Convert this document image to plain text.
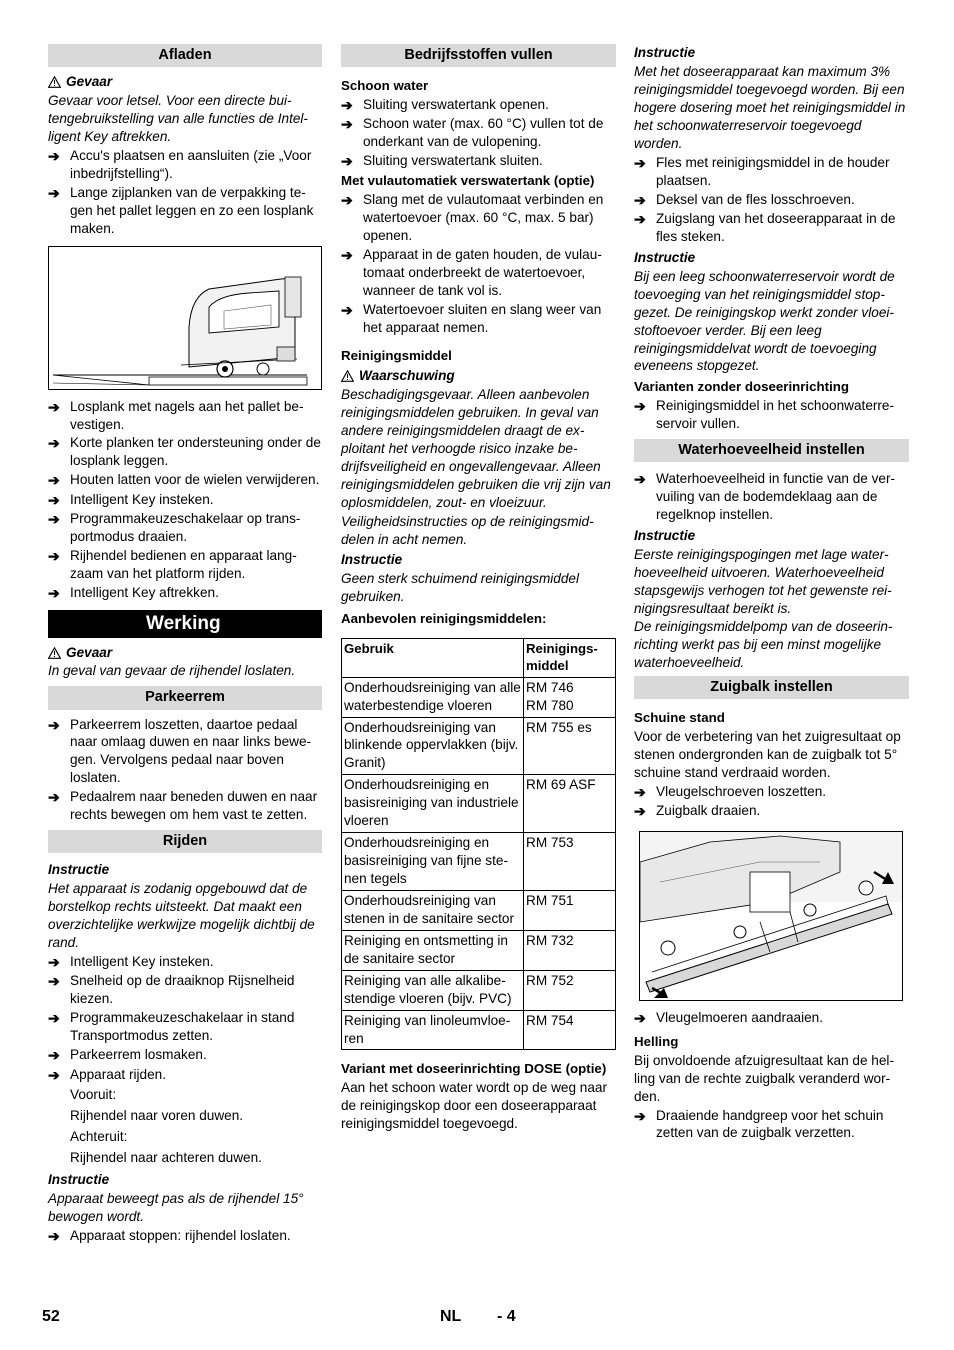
Afladen
Gevaar

Gevaar voor letsel. Voor een directe buitengebruikstelling van alle functies de Intelligent Key aftrekken.

➔ Accu's plaatsen en aansluiten (zie „Voor inbedrijfstelling“).
➔ Lange zijplanken van de verpakking tegen het pallet leggen en zo een losplank maken.
➔ Losplank met nagels aan het pallet bevestigen.
➔ Korte planken ter ondersteuning onder de losplank leggen.
➔ Houten latten voor de wielen verwijderen.
➔ Intelligent Key insteken.
➔ Programmakeuzeschakelaar op transportmodus draaien.
➔ Rijhendel bedienen en apparaat langzaam van het platform rijden.
➔ Intelligent Key aftrekken.
Werking
Gevaar

In geval van gevaar de rijhendel loslaten.

Parkeerrem
➔ Parkeerrem loszetten, daartoe pedaal naar omlaag duwen en naar links bewegen. Vervolgens pedaal naar boven loslaten.
➔ Pedaalrem naar beneden duwen en naar rechts bewegen om hem vast te zetten.
Rijden
Instructie

Het apparaat is zodanig opgebouwd dat de borstelkop rechts uitsteekt. Dat maakt een overzichtelijke werkwijze mogelijk dichtbij de rand.

➔ Intelligent Key insteken.
➔ Snelheid op de draaiknop Rijsnelheid kiezen.
➔ Programmakeuzeschakelaar in stand Transportmodus zetten.
➔ Parkeerrem losmaken.
➔ Apparaat rijden.
Vooruit:
Rijhendel naar voren duwen.
Achteruit:
Rijhendel naar achteren duwen.
Instructie

Apparaat beweegt pas als de rijhendel 15° bewogen wordt.

➔ Apparaat stoppen: rijhendel loslaten.
Bedrijfsstoffen vullen
Schoon water
➔ Sluiting verswatertank openen.
➔ Schoon water (max. 60 °C) vullen tot de onderkant van de vulopening.
➔ Sluiting verswatertank sluiten.
Met vulautomatiek verswatertank (optie)
➔ Slang met de vulautomaat verbinden en watertoevoer (max. 60 °C, max. 5 bar) openen.
➔ Apparaat in de gaten houden, de vulautomaat onderbreekt de watertoevoer, wanneer de tank vol is.
➔ Watertoevoer sluiten en slang weer van het apparaat nemen.
Reinigingsmiddel
Waarschuwing

Beschadigingsgevaar. Alleen aanbevolen reinigingsmiddelen gebruiken. In geval van andere reinigingsmiddelen draagt de exploitant het verhoogde risico inzake bedrijfsveiligheid en ongevallengevaar. Alleen reinigingsmiddelen gebruiken die vrij zijn van oplosmiddelen, zout- en vloeizuur.

Veiligheidsinstructies op de reinigingsmiddelen in acht nemen.

Instructie

Geen sterk schuimend reinigingsmiddel gebruiken.

Aanbevolen reinigingsmiddelen:
Gebruik	Reinigingsmiddel
Onderhoudsreiniging van alle waterbestendige vloeren	RM 746
RM 780
Onderhoudsreiniging van blinkende oppervlakken (bijv. Granit)	RM 755 es
Onderhoudsreiniging en basisreiniging van industriele vloeren	RM 69 ASF
Onderhoudsreiniging en basisreiniging van fijne stenen tegels	RM 753
Onderhoudsreiniging van stenen in de sanitaire sector	RM 751
Reiniging en ontsmetting in de sanitaire sector	RM 732
Reiniging van alle alkalibestendige vloeren (bijv. PVC)	RM 752
Reiniging van linoleumvloeren	RM 754
Variant met doseerinrichting DOSE (optie)

Aan het schoon water wordt op de weg naar de reinigingskop door een doseerapparaat reinigingsmiddel toegevoegd.

Instructie

Met het doseerapparaat kan maximum 3% reinigingsmiddel toegevoegd worden. Bij een hogere dosering moet het reinigingsmiddel in het schoonwaterreservoir toegevoegd worden.

➔ Fles met reinigingsmiddel in de houder plaatsen.
➔ Deksel van de fles losschroeven.
➔ Zuigslang van het doseerapparaat in de fles steken.
Instructie

Bij een leeg schoonwaterreservoir wordt de toevoeging van het reinigingsmiddel stopgezet. De reinigingskop werkt zonder vloeistoftoevoer verder. Bij een leeg reinigingsmiddelvat wordt de toevoeging eveneens stopgezet.

Varianten zonder doseerinrichting
➔ Reinigingsmiddel in het schoonwaterreservoir vullen.
Waterhoeveelheid instellen
➔ Waterhoeveelheid in functie van de vervuiling van de bodemdeklaag aan de regelknop instellen.
Instructie

Eerste reinigingspogingen met lage waterhoeveelheid uitvoeren. Waterhoeveelheid stapsgewijs verhogen tot het gewenste reinigingsresultaat bereikt is.

De reinigingsmiddelpomp van de doseerinrichting werkt pas bij een minst mogelijke waterhoeveelheid.

Zuigbalk instellen
Schuine stand

Voor de verbetering van het zuigresultaat op stenen ondergronden kan de zuigbalk tot 5° schuine stand verdraaid worden.

➔ Vleugelschroeven loszetten.
➔ Zuigbalk draaien.
➔ Vleugelmoeren aandraaien.
Helling

Bij onvoldoende afzuigresultaat kan de helling van de rechte zuigbalk veranderd worden.

➔ Draaiende handgreep voor het schuin zetten van de zuigbalk verzetten.
52	NL - 4
